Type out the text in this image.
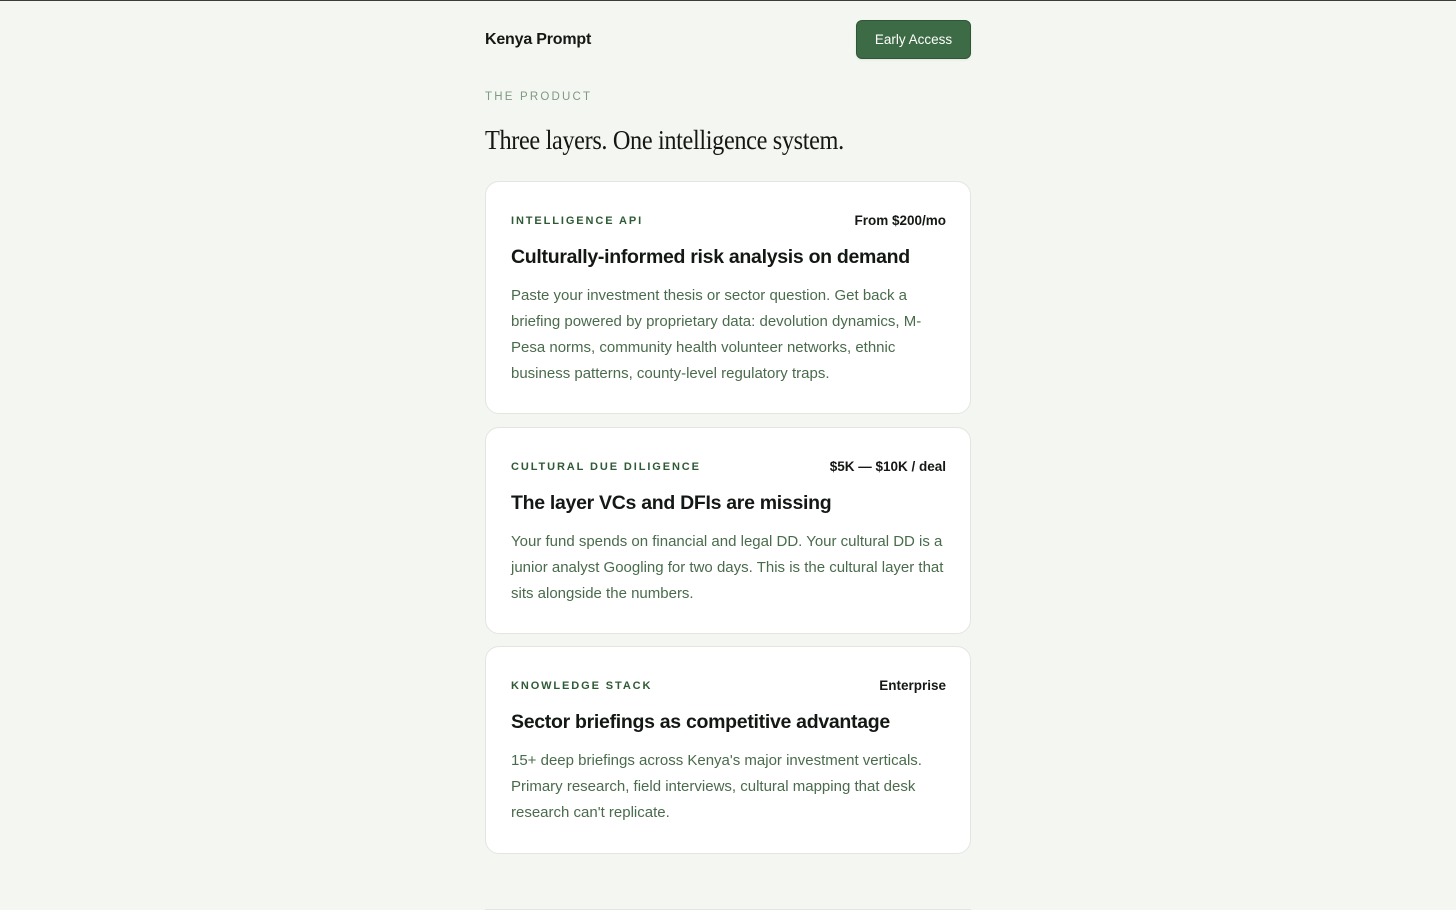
Kenya Prompt	Early Access
THE PRODUCT
Three layers. One intelligence system.
INTELLIGENCE API	From $200/mo
Culturally-informed risk analysis on demand

Paste your investment thesis or sector question. Get back a briefing powered by proprietary data: devolution dynamics, M-Pesa norms, community health volunteer networks, ethnic business patterns, county-level regulatory traps.

CULTURAL DUE DILIGENCE	$5K — $10K / deal
The layer VCs and DFIs are missing

Your fund spends on financial and legal DD. Your cultural DD is a junior analyst Googling for two days. This is the cultural layer that sits alongside the numbers.

KNOWLEDGE STACK	Enterprise
Sector briefings as competitive advantage

15+ deep briefings across Kenya's major investment verticals. Primary research, field interviews, cultural mapping that desk research can't replicate.
